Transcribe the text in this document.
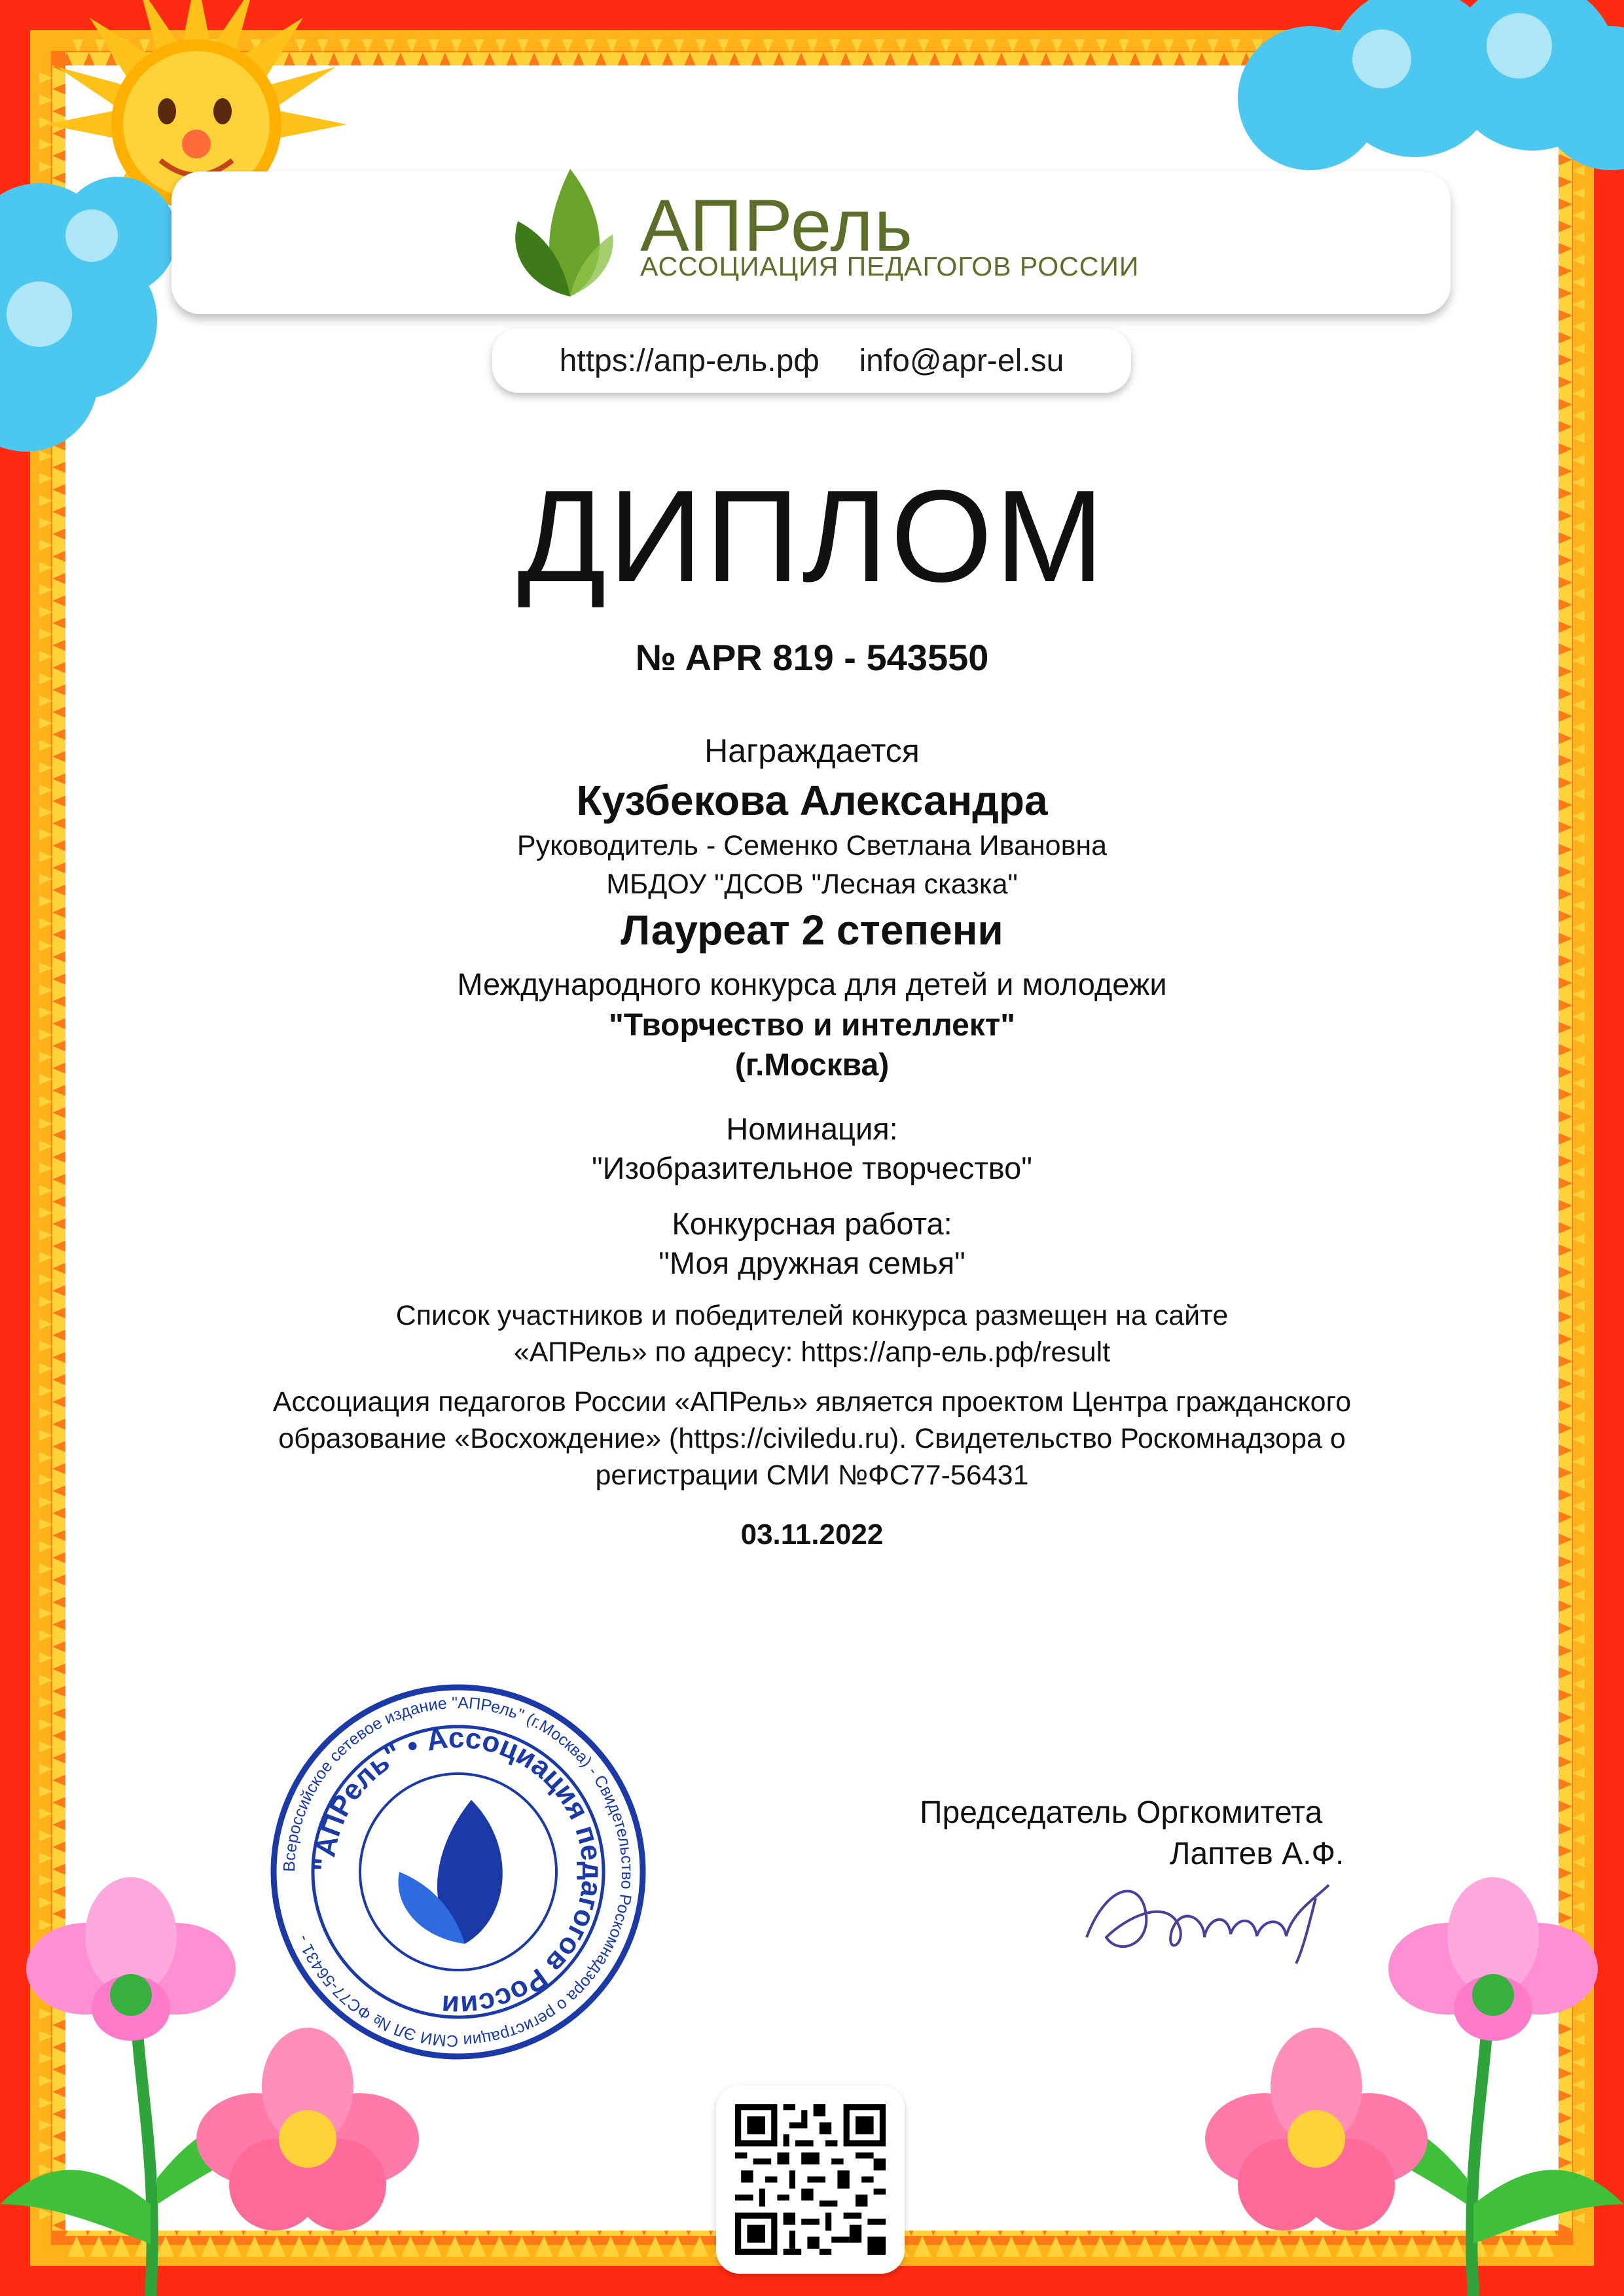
АПРель
АССОЦИАЦИЯ ПЕДАГОГОВ РОССИИ
https://апр-ель.рф info@apr-el.su
ДИПЛОМ
№ APR 819 - 543550
Награждается
Кузбекова Александра
Руководитель - Семенко Светлана Ивановна
МБДОУ "ДСОВ "Лесная сказка"
Лауреат 2 степени
Международного конкурса для детей и молодежи
"Творчество и интеллект"
(г.Москва)
Номинация:
"Изобразительное творчество"
Конкурсная работа:
"Моя дружная семья"
Список участников и победителей конкурса размещен на сайте
«АПРель» по адресу: https://апр-ель.рф/result
Ассоциация педагогов России «АПРель» является проектом Центра гражданского
образование «Восхождение» (https://civiledu.ru). Свидетельство Роскомнадзора о
регистрации СМИ №ФС77-56431
03.11.2022
Всероссийское сетевое издание "АПРель" (г.Москва) - Свидетельство Роскомнадзора о регистрации СМИ ЭЛ № ФС77-56431 -
"АПРель" • Ассоциация педагогов России
Председатель Оргкомитета
Лаптев А.Ф.
